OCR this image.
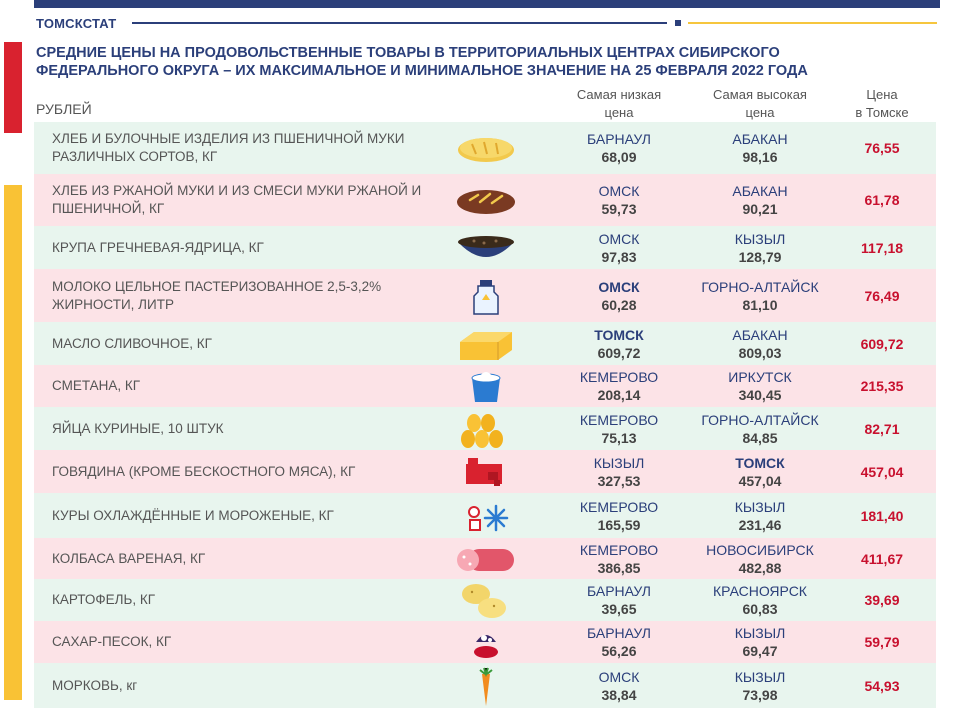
ТОМСКСТАТ
СРЕДНИЕ ЦЕНЫ НА ПРОДОВОЛЬСТВЕННЫЕ ТОВАРЫ В ТЕРРИТОРИАЛЬНЫХ ЦЕНТРАХ СИБИРСКОГО ФЕДЕРАЛЬНОГО ОКРУГА – ИХ МАКСИМАЛЬНОЕ И МИНИМАЛЬНОЕ ЗНАЧЕНИЕ НА 25 ФЕВРАЛЯ 2022 ГОДА
РУБЛЕЙ
Самая низкая
цена
Самая высокая
цена
Цена
в Томске
ХЛЕБ И БУЛОЧНЫЕ ИЗДЕЛИЯ ИЗ ПШЕНИЧНОЙ МУКИ РАЗЛИЧНЫХ СОРТОВ, КГ
БАРНАУЛ
68,09
АБАКАН
98,16
76,55
ХЛЕБ ИЗ РЖАНОЙ МУКИ И ИЗ СМЕСИ МУКИ РЖАНОЙ И ПШЕНИЧНОЙ, КГ
ОМСК
59,73
АБАКАН
90,21
61,78
КРУПА ГРЕЧНЕВАЯ-ЯДРИЦА, КГ
ОМСК
97,83
КЫЗЫЛ
128,79
117,18
МОЛОКО ЦЕЛЬНОЕ ПАСТЕРИЗОВАННОЕ 2,5-3,2% ЖИРНОСТИ, ЛИТР
ОМСК
60,28
ГОРНО-АЛТАЙСК
81,10
76,49
МАСЛО СЛИВОЧНОЕ, КГ
ТОМСК
609,72
АБАКАН
809,03
609,72
СМЕТАНА, КГ
КЕМЕРОВО
208,14
ИРКУТСК
340,45
215,35
ЯЙЦА КУРИНЫЕ, 10 ШТУК
КЕМЕРОВО
75,13
ГОРНО-АЛТАЙСК
84,85
82,71
ГОВЯДИНА (КРОМЕ БЕСКОСТНОГО МЯСА), КГ
КЫЗЫЛ
327,53
ТОМСК
457,04
457,04
КУРЫ ОХЛАЖДЁННЫЕ И МОРОЖЕНЫЕ, КГ
КЕМЕРОВО
165,59
КЫЗЫЛ
231,46
181,40
КОЛБАСА ВАРЕНАЯ, КГ
КЕМЕРОВО
386,85
НОВОСИБИРСК
482,88
411,67
КАРТОФЕЛЬ, КГ
БАРНАУЛ
39,65
КРАСНОЯРСК
60,83
39,69
САХАР-ПЕСОК, КГ
БАРНАУЛ
56,26
КЫЗЫЛ
69,47
59,79
МОРКОВЬ, кг
ОМСК
38,84
КЫЗЫЛ
73,98
54,93
